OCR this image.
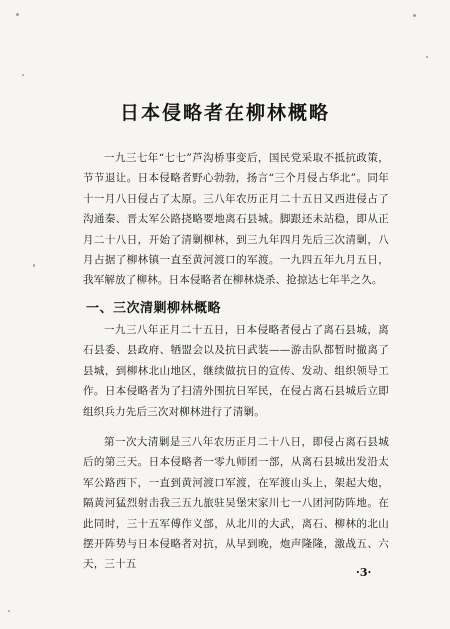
日本侵略者在柳林概略
一九三七年“七七”芦沟桥事变后，国民党采取不抵抗政策，节节退让。日本侵略者野心勃勃，扬言“三个月侵占华北”。同年十一月八日侵占了太原。三八年农历正月二十五日又西进侵占了沟通秦、晋太军公路挠略要地离石县城。脚跟还未站稳，即从正月二十八日，开始了清剿柳林，到三九年四月先后三次清剿，八月占据了柳林镇一直至黄河渡口的军渡。一九四五年九月五日，我军解放了柳林。日本侵略者在柳林烧杀、抢掠达七年半之久。
一、三次清剿柳林概略
一九三八年正月二十五日，日本侵略者侵占了离石县城，离石县委、县政府、牺盟会以及抗日武装——游击队都暂时撤离了县城，到柳林北山地区，继续做抗日的宣传、发动、组织领导工作。日本侵略者为了扫清外围抗日军民，在侵占离石县城后立即组织兵力先后三次对柳林进行了清剿。
第一次大清剿是三八年农历正月二十八日，即侵占离石县城后的第三天。日本侵略者一零九师团一部，从离石县城出发沿太军公路西下，一直到黄河渡口军渡，在军渡山头上，架起大炮，隔黄河猛烈射击我三五九旅驻吴堡宋家川七一八团河防阵地。在此同时，三十五军傅作义部，从北川的大武，离石、柳林的北山摆开阵势与日本侵略者对抗，从早到晚，炮声隆隆，激战五、六天，三十五
·3·
